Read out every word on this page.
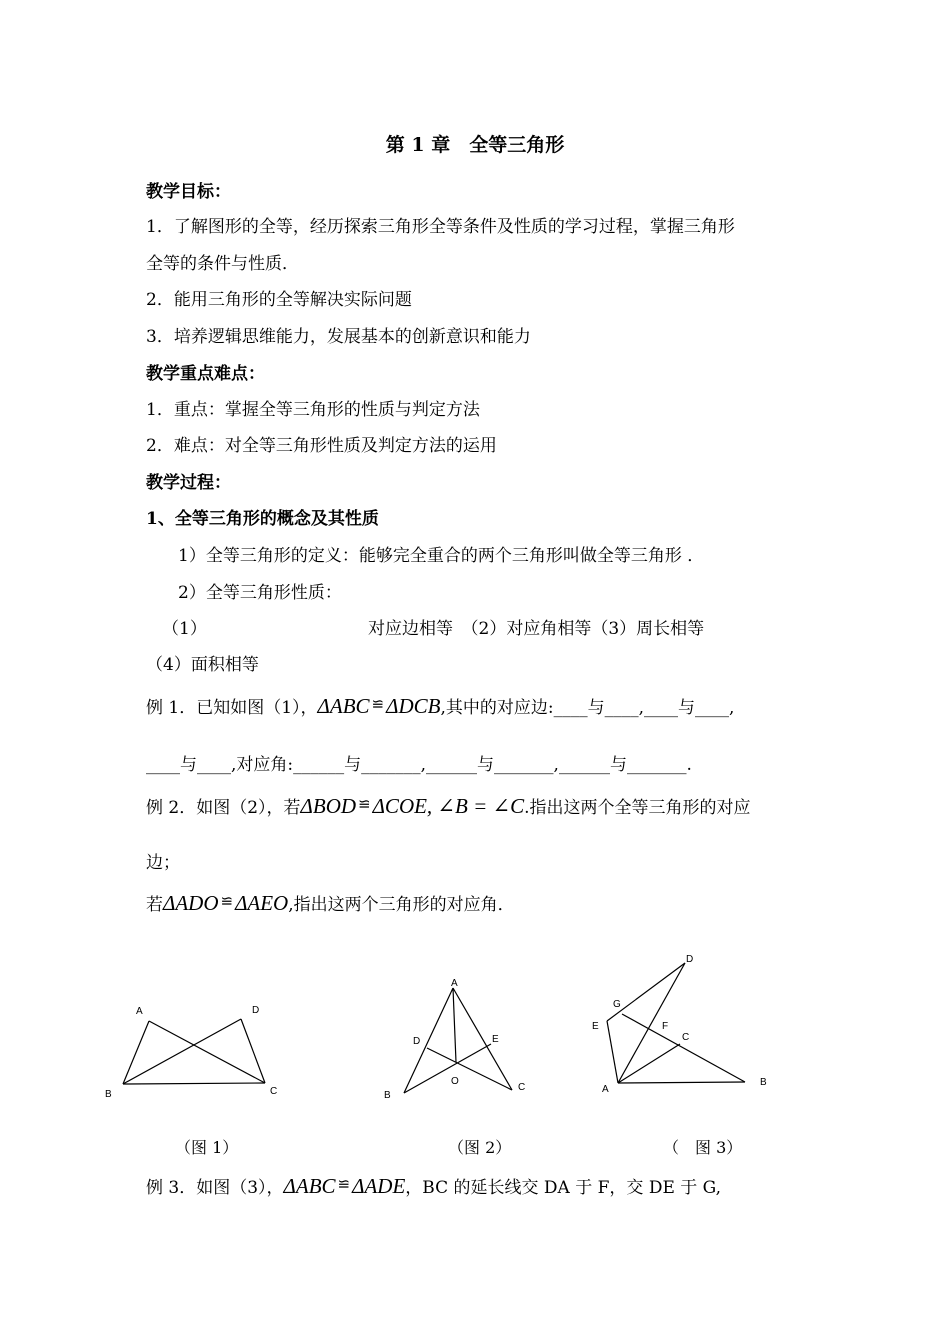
第 1 章　全等三角形
教学目标：
1．了解图形的全等，经历探索三角形全等条件及性质的学习过程，掌握三角形
全等的条件与性质．
2．能用三角形的全等解决实际问题
3．培养逻辑思维能力，发展基本的创新意识和能力
教学重点难点：
1．重点：掌握全等三角形的性质与判定方法
2．难点：对全等三角形性质及判定方法的运用
教学过程：
1、全等三角形的概念及其性质
1）全等三角形的定义：能够完全重合的两个三角形叫做全等三角形 ．
2）全等三角形性质：
（1）	对应边相等　（2）对应角相等（3）周长相等
（4）面积相等
例 1．已知如图（1），ΔABC ≌ΔDCB,其中的对应边:____与____,____与____,
____与____,对应角:______与_______,______与_______,______与_______.
例 2．如图（2），若ΔBOD ≌ΔCOE, ∠B = ∠C.指出这两个全等三角形的对应
边；
若ΔADO ≌ΔAEO,指出这两个三角形的对应角．
A	D
B	C
A
D	E
O
B
C
D
G
E	F
C
A
B
（图 1）	（图 2）	（　图 3）
例 3．如图（3），ΔABC ≌ΔADE，BC 的延长线交 DA 于 F，交 DE 于 G,
